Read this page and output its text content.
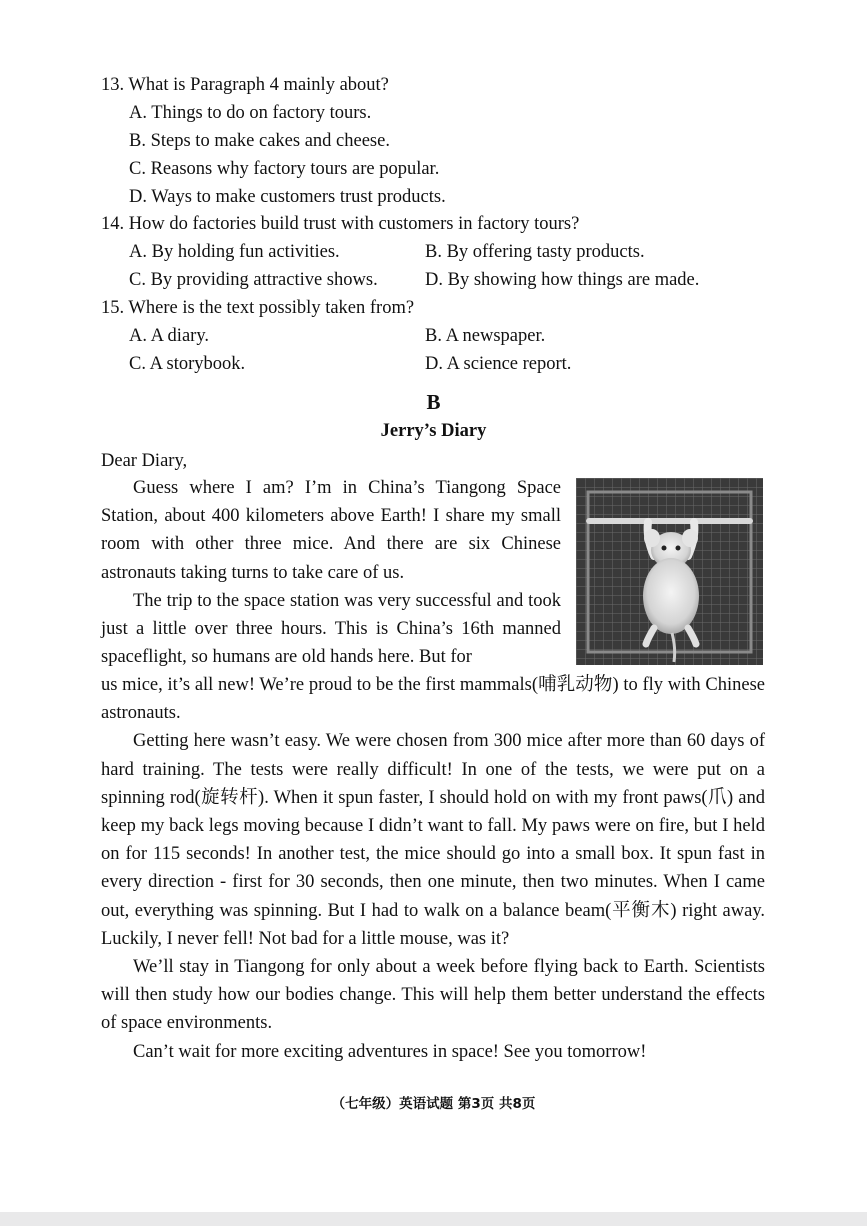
13. What is Paragraph 4 mainly about?
A. Things to do on factory tours.
B. Steps to make cakes and cheese.
C. Reasons why factory tours are popular.
D. Ways to make customers trust products.
14. How do factories build trust with customers in factory tours?
A. By holding fun activities.	B. By offering tasty products.
C. By providing attractive shows.	D. By showing how things are made.
15. Where is the text possibly taken from?
A. A diary.	B. A newspaper.
C. A storybook.	D. A science report.
B
Jerry’s Diary
Dear Diary,

Guess where I am? I’m in China’s Tiangong Space Station, about 400 kilometers above Earth! I share my small room with other three mice. And there are six Chinese astronauts taking turns to take care of us.

The trip to the space station was very successful and took just a little over three hours. This is China’s 16th manned spaceflight, so humans are old hands here. But for

us mice, it’s all new! We’re proud to be the first mammals(哺乳动物) to fly with Chinese astronauts.

Getting here wasn’t easy. We were chosen from 300 mice after more than 60 days of hard training. The tests were really difficult! In one of the tests, we were put on a spinning rod(旋转杆). When it spun faster, I should hold on with my front paws(爪) and keep my back legs moving because I didn’t want to fall. My paws were on fire, but I held on for 115 seconds! In another test, the mice should go into a small box. It spun fast in every direction - first for 30 seconds, then one minute, then two minutes. When I came out, everything was spinning. But I had to walk on a balance beam(平衡木) right away. Luckily, I never fell! Not bad for a little mouse, was it?

We’ll stay in Tiangong for only about a week before flying back to Earth. Scientists will then study how our bodies change. This will help them better understand the effects of space environments.

Can’t wait for more exciting adventures in space! See you tomorrow!

（七年级）英语试题 第3页 共8页
